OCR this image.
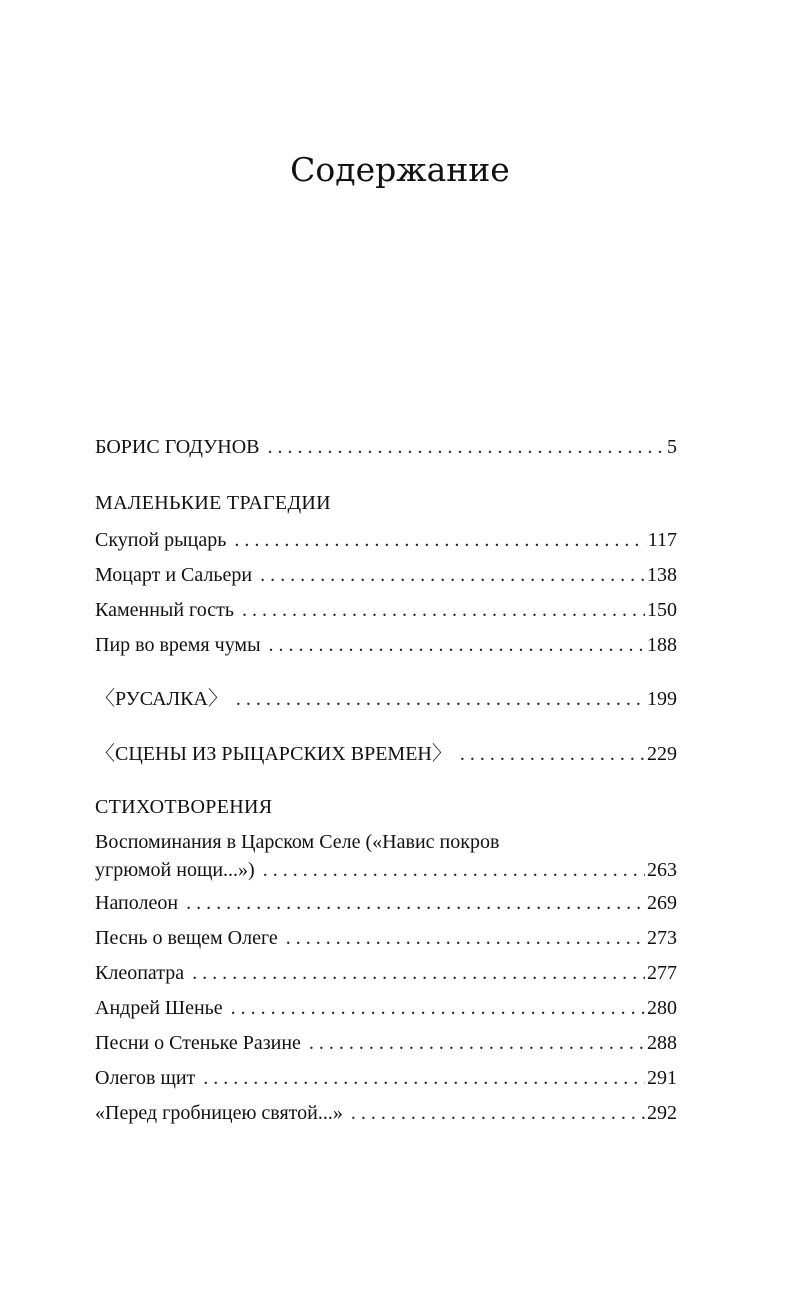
Содержание
БОРИС ГОДУНОВ . . .	5
МАЛЕНЬКИЕ ТРАГЕДИИ
Скупой рыцарь . . .	117
Моцарт и Сальери . . .	138
Каменный гость . . .	150
Пир во время чумы . . .	188
〈РУСАЛКА〉 . . .	199
〈СЦЕНЫ ИЗ РЫЦАРСКИХ ВРЕМЕН〉 . . .	229
СТИХОТВОРЕНИЯ
Воспоминания в Царском Селе («Навис покров
угрюмой нощи...») . . .	263
Наполеон . . .	269
Песнь о вещем Олеге . . .	273
Клеопатра . . .	277
Андрей Шенье . . .	280
Песни о Стеньке Разине . . .	288
Олегов щит . . .	291
«Перед гробницею святой...» . . .	292
